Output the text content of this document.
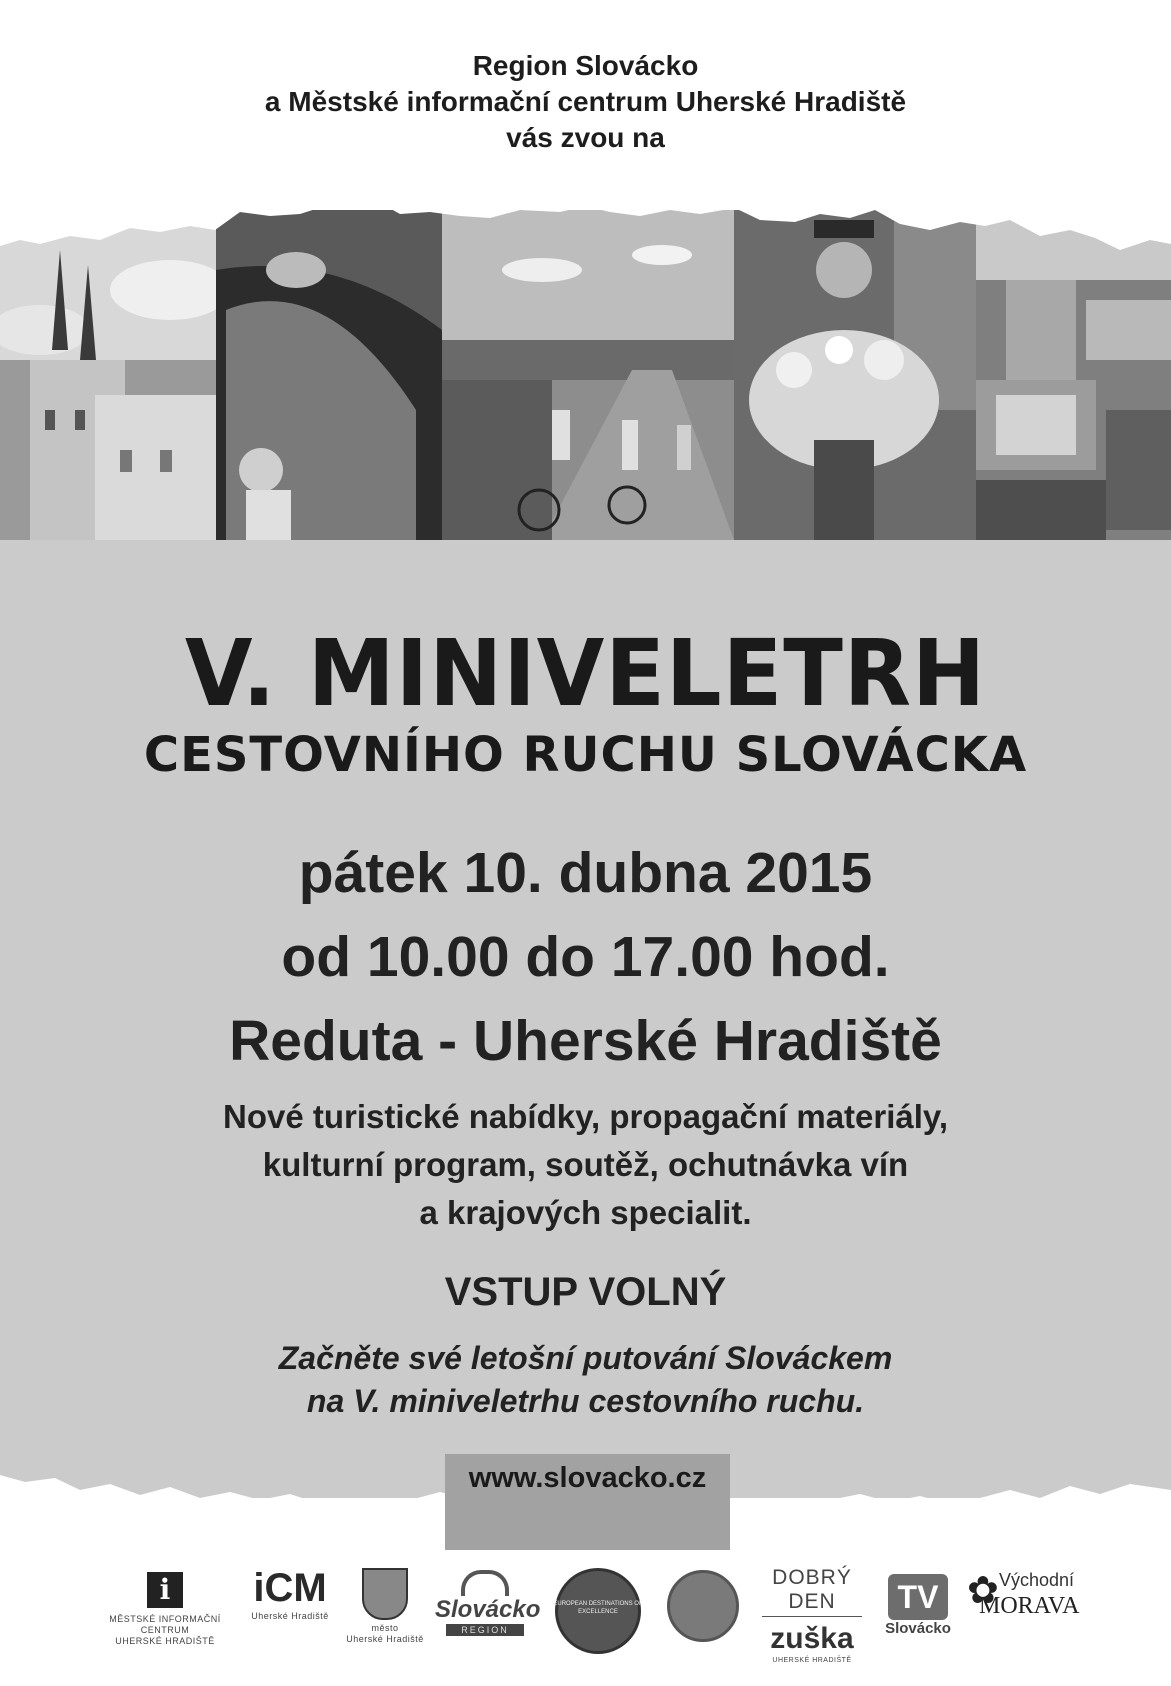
Region Slovácko
a Městské informační centrum Uherské Hradiště
vás zvou na
V. MINIVELETRH
CESTOVNÍHO RUCHU SLOVÁCKA
pátek 10. dubna 2015
od 10.00 do 17.00 hod.
Reduta - Uherské Hradiště
Nové turistické nabídky, propagační materiály,
kulturní program, soutěž, ochutnávka vín
a krajových specialit.
VSTUP VOLNÝ
Začněte své letošní putování Slováckem
na V. miniveletrhu cestovního ruchu.
www.slovacko.cz
i
MĚSTSKÉ INFORMAČNÍ CENTRUM
UHERSKÉ HRADIŠTĚ
iCM
Uherské Hradiště
město
Uherské Hradiště
Slovácko
REGION
EUROPEAN DESTINATIONS OF EXCELLENCE
DOBRÝ DEN
zuška
UHERSKÉ HRADIŠTĚ
TV
Slovácko
✿ Východní
MORAVA
